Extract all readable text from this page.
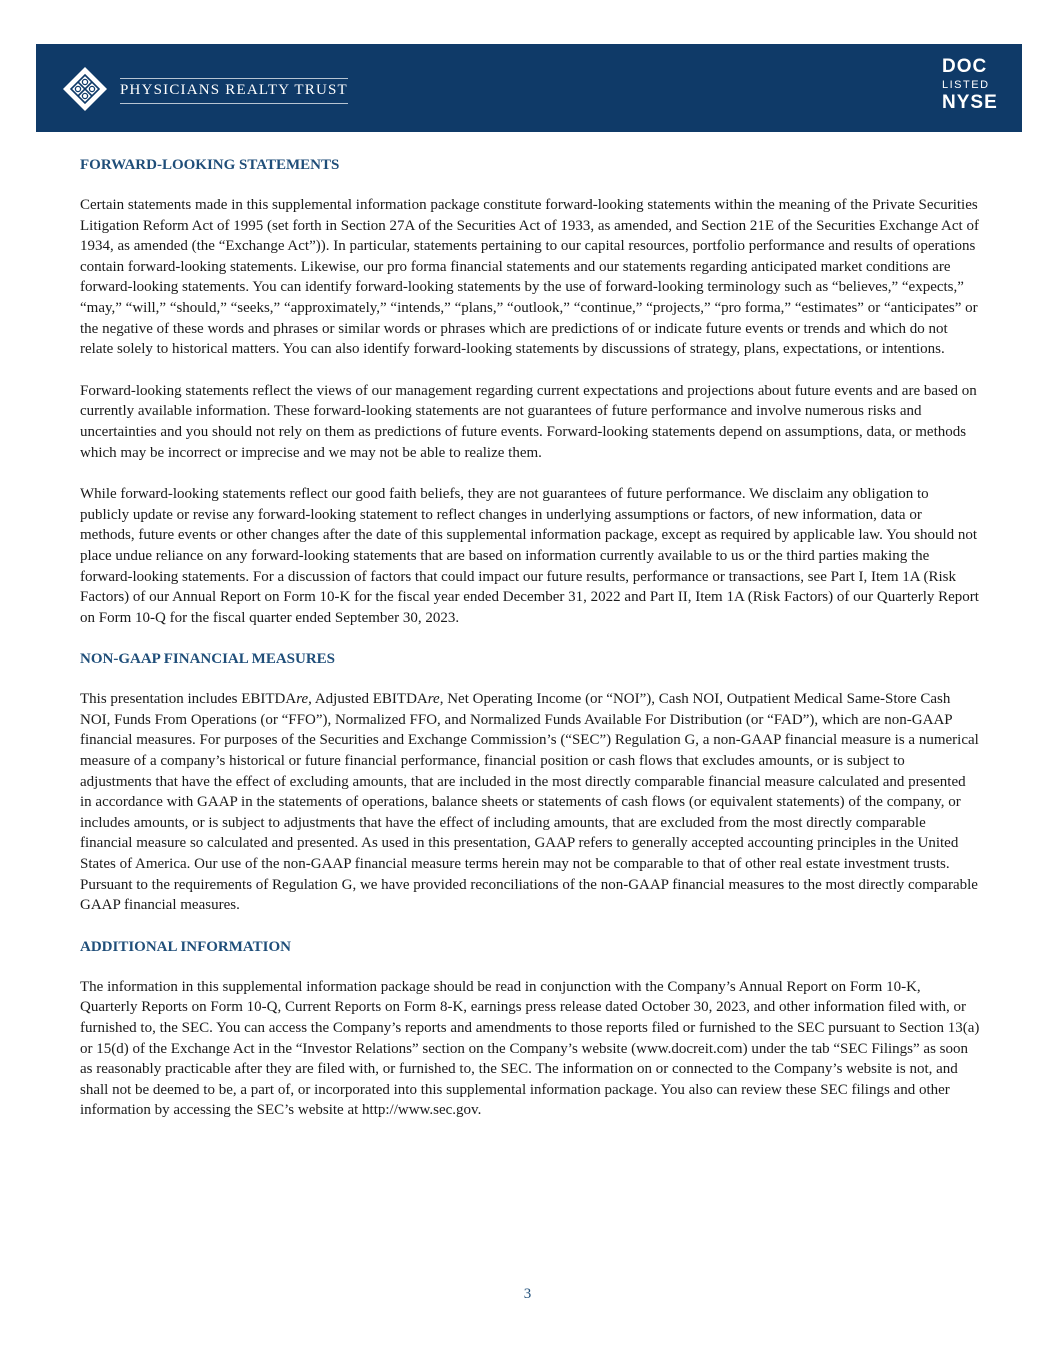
PHYSICIANS REALTY TRUST
DOC
LISTED
NYSE
FORWARD-LOOKING STATEMENTS

Certain statements made in this supplemental information package constitute forward-looking statements within the meaning of the Private Securities Litigation Reform Act of 1995 (set forth in Section 27A of the Securities Act of 1933, as amended, and Section 21E of the Securities Exchange Act of 1934, as amended (the “Exchange Act”)). In particular, statements pertaining to our capital resources, portfolio performance and results of operations contain forward-looking statements. Likewise, our pro forma financial statements and our statements regarding anticipated market conditions are forward-looking statements. You can identify forward-looking statements by the use of forward-looking terminology such as “believes,” “expects,” “may,” “will,” “should,” “seeks,” “approximately,” “intends,” “plans,” “outlook,” “continue,” “projects,” “pro forma,” “estimates” or “anticipates” or the negative of these words and phrases or similar words or phrases which are predictions of or indicate future events or trends and which do not relate solely to historical matters. You can also identify forward-looking statements by discussions of strategy, plans, expectations, or intentions.

Forward-looking statements reflect the views of our management regarding current expectations and projections about future events and are based on currently available information. These forward-looking statements are not guarantees of future performance and involve numerous risks and uncertainties and you should not rely on them as predictions of future events. Forward-looking statements depend on assumptions, data, or methods which may be incorrect or imprecise and we may not be able to realize them.

While forward-looking statements reflect our good faith beliefs, they are not guarantees of future performance. We disclaim any obligation to publicly update or revise any forward-looking statement to reflect changes in underlying assumptions or factors, of new information, data or methods, future events or other changes after the date of this supplemental information package, except as required by applicable law. You should not place undue reliance on any forward-looking statements that are based on information currently available to us or the third parties making the forward-looking statements. For a discussion of factors that could impact our future results, performance or transactions, see Part I, Item 1A (Risk Factors) of our Annual Report on Form 10-K for the fiscal year ended December 31, 2022 and Part II, Item 1A (Risk Factors) of our Quarterly Report on Form 10-Q for the fiscal quarter ended September 30, 2023.

NON-GAAP FINANCIAL MEASURES

This presentation includes EBITDAre, Adjusted EBITDAre, Net Operating Income (or “NOI”), Cash NOI, Outpatient Medical Same-Store Cash NOI, Funds From Operations (or “FFO”), Normalized FFO, and Normalized Funds Available For Distribution (or “FAD”), which are non-GAAP financial measures. For purposes of the Securities and Exchange Commission’s (“SEC”) Regulation G, a non-GAAP financial measure is a numerical measure of a company’s historical or future financial performance, financial position or cash flows that excludes amounts, or is subject to adjustments that have the effect of excluding amounts, that are included in the most directly comparable financial measure calculated and presented in accordance with GAAP in the statements of operations, balance sheets or statements of cash flows (or equivalent statements) of the company, or includes amounts, or is subject to adjustments that have the effect of including amounts, that are excluded from the most directly comparable financial measure so calculated and presented. As used in this presentation, GAAP refers to generally accepted accounting principles in the United States of America. Our use of the non-GAAP financial measure terms herein may not be comparable to that of other real estate investment trusts. Pursuant to the requirements of Regulation G, we have provided reconciliations of the non-GAAP financial measures to the most directly comparable GAAP financial measures.

ADDITIONAL INFORMATION

The information in this supplemental information package should be read in conjunction with the Company’s Annual Report on Form 10-K, Quarterly Reports on Form 10-Q, Current Reports on Form 8-K, earnings press release dated October 30, 2023, and other information filed with, or furnished to, the SEC. You can access the Company’s reports and amendments to those reports filed or furnished to the SEC pursuant to Section 13(a) or 15(d) of the Exchange Act in the “Investor Relations” section on the Company’s website (www.docreit.com) under the tab “SEC Filings” as soon as reasonably practicable after they are filed with, or furnished to, the SEC. The information on or connected to the Company’s website is not, and shall not be deemed to be, a part of, or incorporated into this supplemental information package. You also can review these SEC filings and other information by accessing the SEC’s website at http://www.sec.gov.

3
